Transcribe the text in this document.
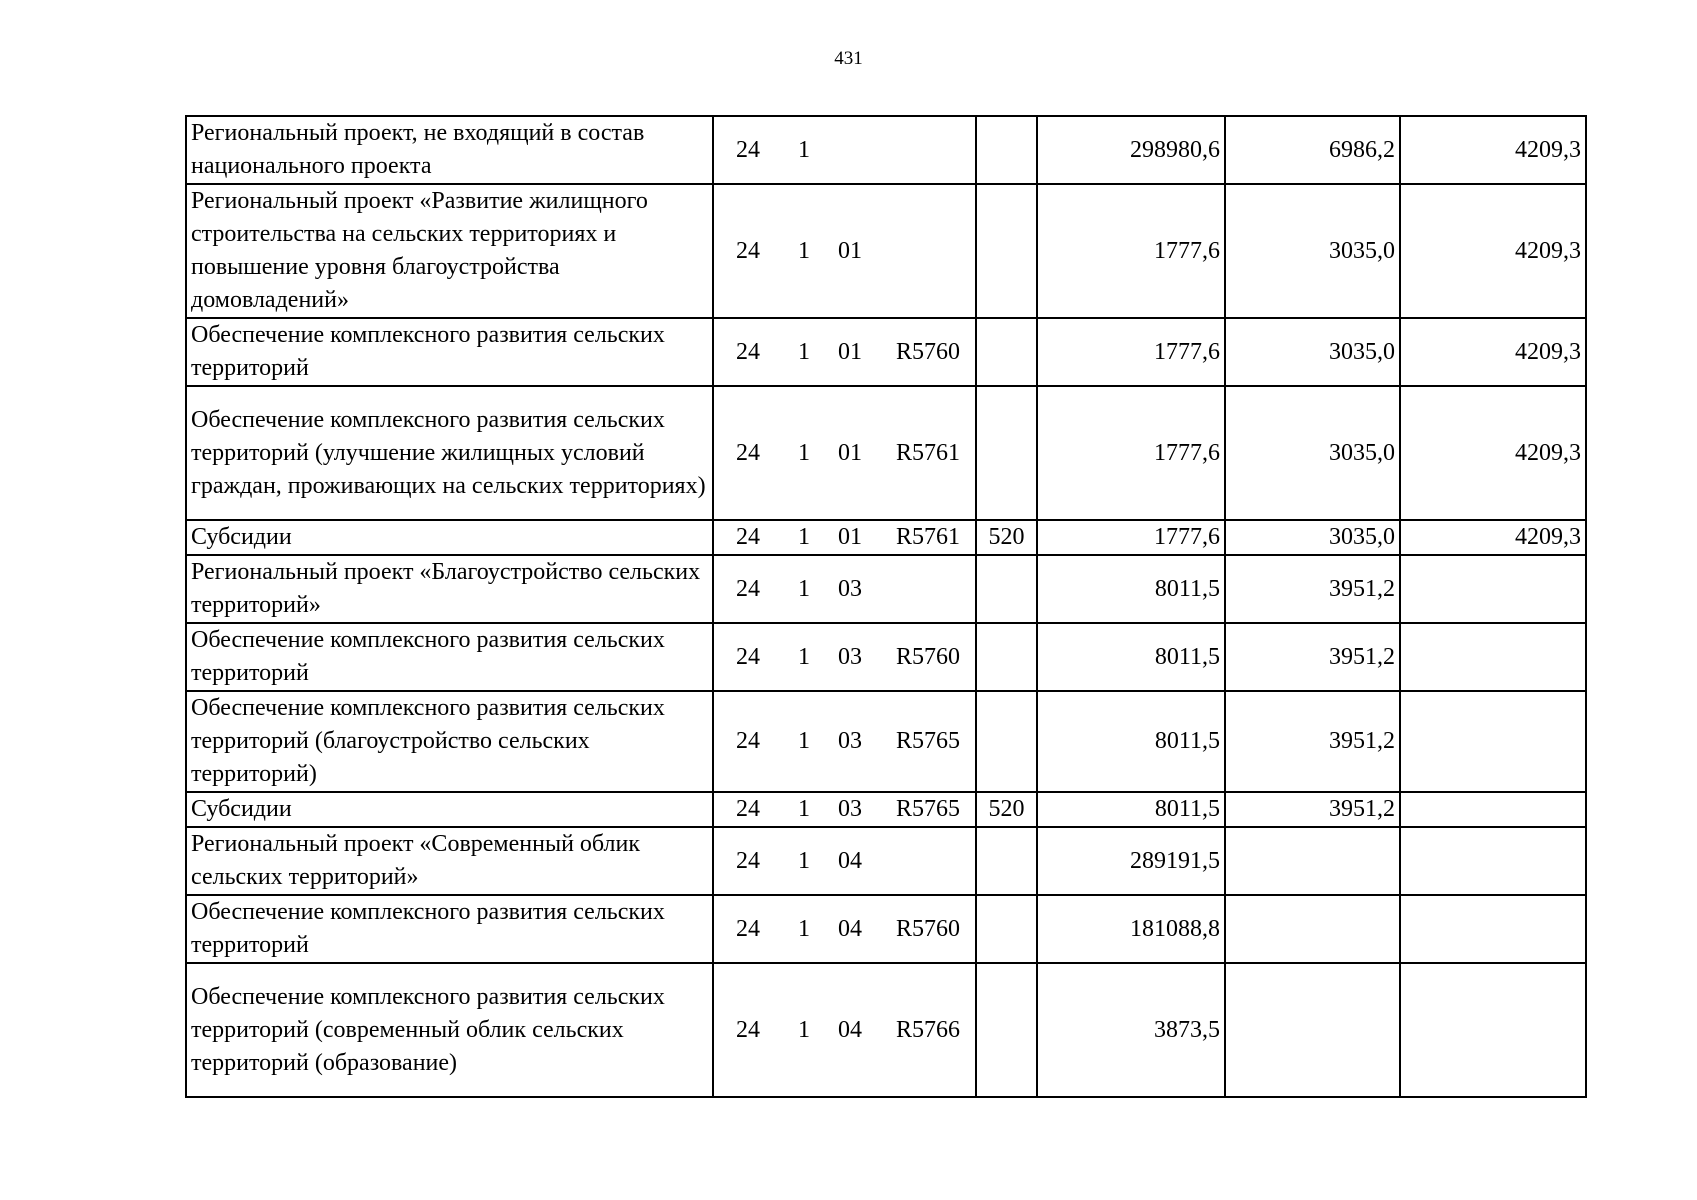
431
Региональный проект, не входящий в состав национального проекта	24 1		298980,6	6986,2	4209,3
Региональный проект «Развитие жилищного строительства на сельских территориях и повышение уровня благоустройства домовладений»	24 1 01		1777,6	3035,0	4209,3
Обеспечение комплексного развития сельских территорий	24 1 01 R5760		1777,6	3035,0	4209,3
Обеспечение комплексного развития сельских территорий (улучшение жилищных условий граждан, проживающих на сельских территориях)	24 1 01 R5761		1777,6	3035,0	4209,3
Субсидии	24 1 01 R5761	520	1777,6	3035,0	4209,3
Региональный проект «Благоустройство сельских территорий»	24 1 03		8011,5	3951,2	
Обеспечение комплексного развития сельских территорий	24 1 03 R5760		8011,5	3951,2	
Обеспечение комплексного развития сельских территорий (благоустройство сельских территорий)	24 1 03 R5765		8011,5	3951,2	
Субсидии	24 1 03 R5765	520	8011,5	3951,2	
Региональный проект «Современный облик сельских территорий»	24 1 04		289191,5		
Обеспечение комплексного развития сельских территорий	24 1 04 R5760		181088,8		
Обеспечение комплексного развития сельских территорий (современный облик сельских территорий (образование)	24 1 04 R5766		3873,5		
